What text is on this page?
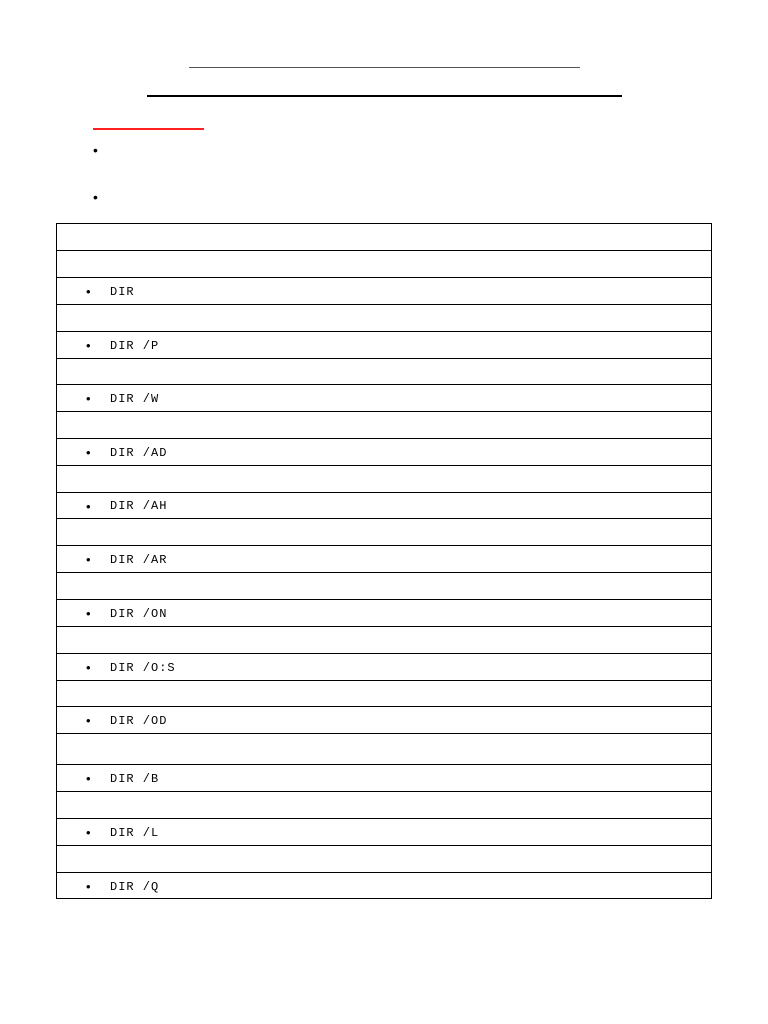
•
•
• DIR
• DIR /P
• DIR /W
• DIR /AD
• DIR /AH
• DIR /AR
• DIR /ON
• DIR /O:S
• DIR /OD
• DIR /B
• DIR /L
• DIR /Q
